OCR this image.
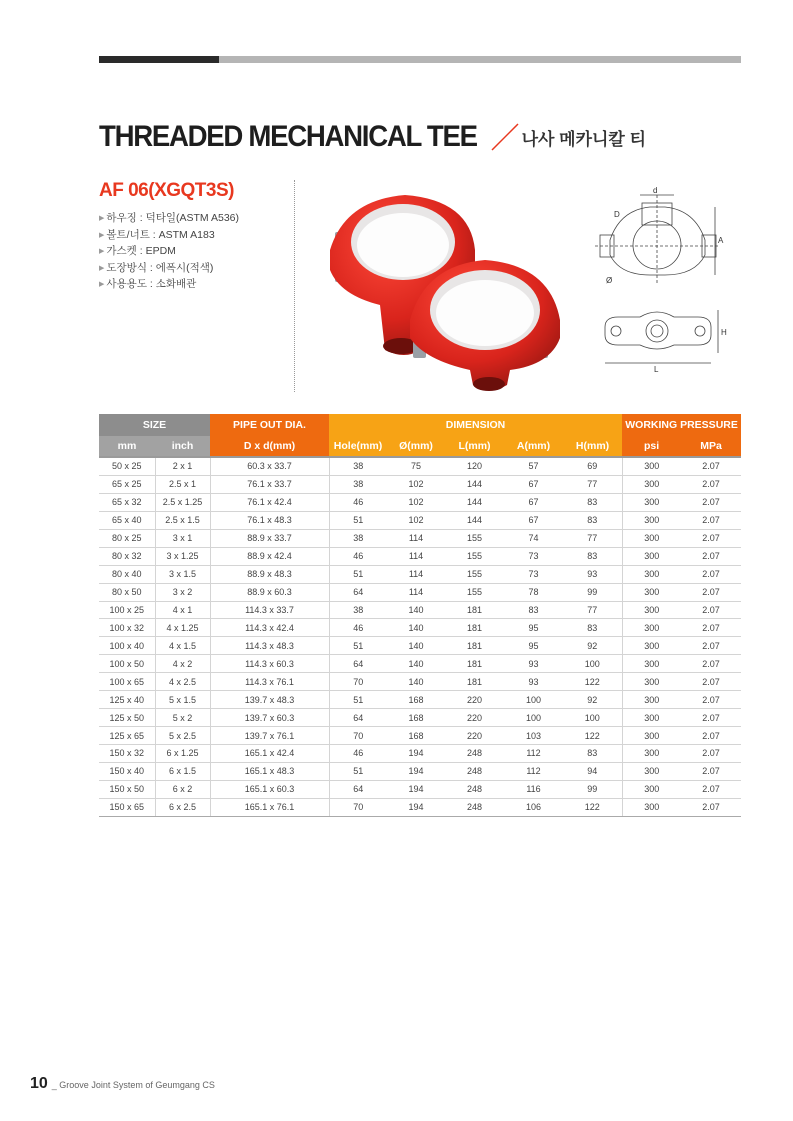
THREADED MECHANICAL TEE	나사 메카니칼 티
AF 06(XGQT3S)
▶ 하우징 : 덕타일(ASTM A536)
▶ 볼트/너트 : ASTM A183
▶ 가스켓 : EPDM
▶ 도장방식 : 에폭시(적색)
▶ 사용용도 : 소화배관
d
D
Ø
A
H
L
SIZE		PIPE OUT DIA.	DIMENSION					WORKING PRESSURE	
mm	inch	D x d(mm)	Hole(mm)	Ø(mm)	L(mm)	A(mm)	H(mm)	psi	MPa
50 x 25	2 x 1	60.3 x 33.7	38	75	120	57	69	300	2.07
65 x 25	2.5 x 1	76.1 x 33.7	38	102	144	67	77	300	2.07
65 x 32	2.5 x 1.25	76.1 x 42.4	46	102	144	67	83	300	2.07
65 x 40	2.5 x 1.5	76.1 x 48.3	51	102	144	67	83	300	2.07
80 x 25	3 x 1	88.9 x 33.7	38	114	155	74	77	300	2.07
80 x 32	3 x 1.25	88.9 x 42.4	46	114	155	73	83	300	2.07
80 x 40	3 x 1.5	88.9 x 48.3	51	114	155	73	93	300	2.07
80 x 50	3 x 2	88.9 x 60.3	64	114	155	78	99	300	2.07
100 x 25	4 x 1	114.3 x 33.7	38	140	181	83	77	300	2.07
100 x 32	4 x 1.25	114.3 x 42.4	46	140	181	95	83	300	2.07
100 x 40	4 x 1.5	114.3 x 48.3	51	140	181	95	92	300	2.07
100 x 50	4 x 2	114.3 x 60.3	64	140	181	93	100	300	2.07
100 x 65	4 x 2.5	114.3 x 76.1	70	140	181	93	122	300	2.07
125 x 40	5 x 1.5	139.7 x 48.3	51	168	220	100	92	300	2.07
125 x 50	5 x 2	139.7 x 60.3	64	168	220	100	100	300	2.07
125 x 65	5 x 2.5	139.7 x 76.1	70	168	220	103	122	300	2.07
150 x 32	6 x 1.25	165.1 x 42.4	46	194	248	112	83	300	2.07
150 x 40	6 x 1.5	165.1 x 48.3	51	194	248	112	94	300	2.07
150 x 50	6 x 2	165.1 x 60.3	64	194	248	116	99	300	2.07
150 x 65	6 x 2.5	165.1 x 76.1	70	194	248	106	122	300	2.07
10 _ Groove Joint System of Geumgang CS
